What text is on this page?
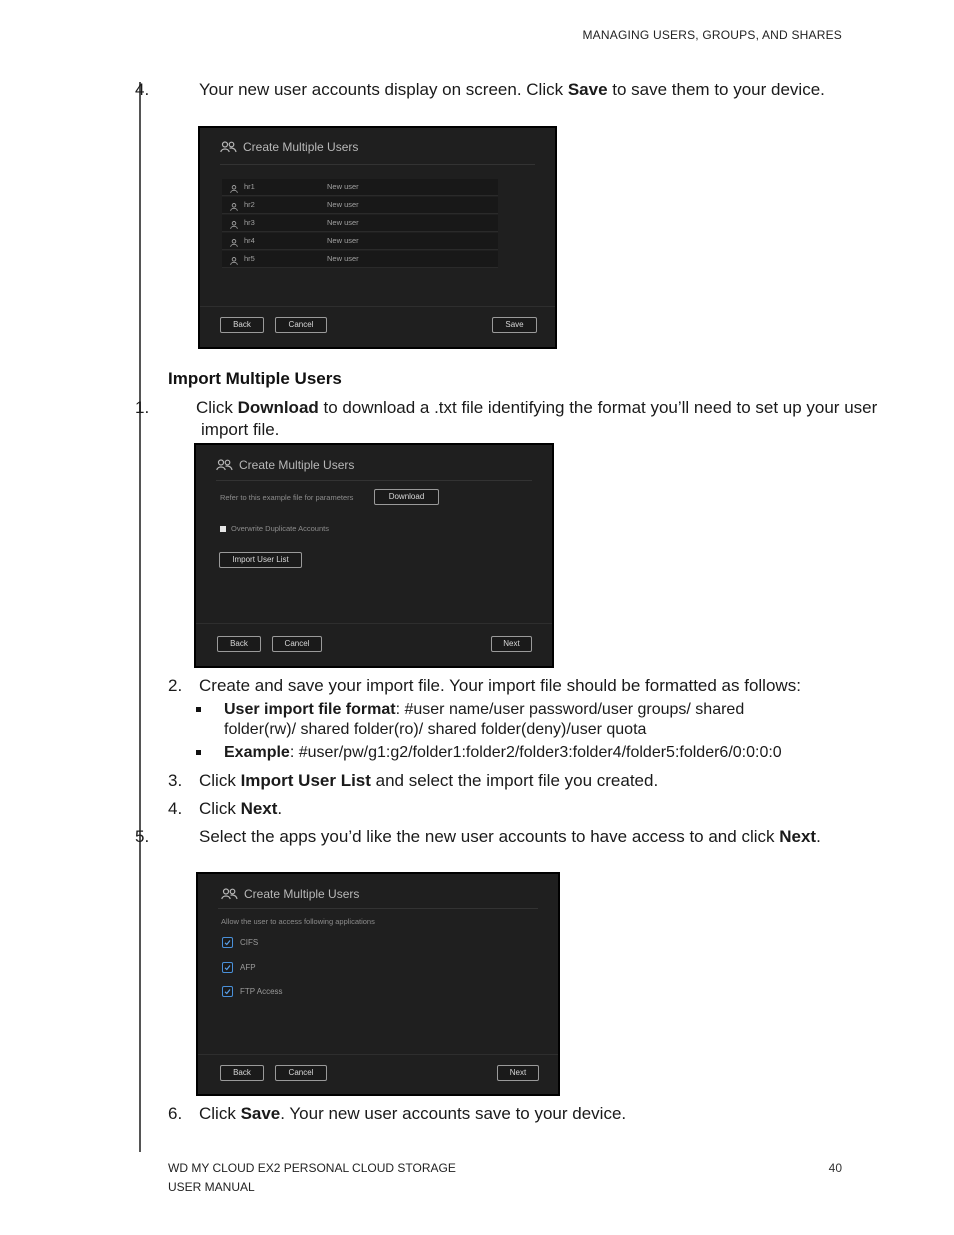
MANAGING USERS, GROUPS, AND SHARES
4.	Your new user accounts display on screen. Click Save to save them to your device.
Create Multiple Users
hr1	New user
hr2	New user
hr3	New user
hr4	New user
hr5	New user
Back	Cancel	Save
Import Multiple Users
1.	Click Download to download a .txt file identifying the format you’ll need to set up your user import file.
Create Multiple Users
Refer to this example file for parameters	Download
Overwrite Duplicate Accounts
Import User List
Back	Cancel	Next
2. Create and save your import file. Your import file should be formatted as follows:
User import file format: #user name/user password/user groups/ shared folder(rw)/ shared folder(ro)/ shared folder(deny)/user quota
Example: #user/pw/g1:g2/folder1:folder2/folder3:folder4/folder5:folder6/0:0:0:0
3. Click Import User List and select the import file you created.
4. Click Next.
5.	Select the apps you’d like the new user accounts to have access to and click Next.
Create Multiple Users
Allow the user to access following applications
CIFS
AFP
FTP Access
Back	Cancel	Next
6. Click Save. Your new user accounts save to your device.
WD MY CLOUD EX2 PERSONAL CLOUD STORAGE
USER MANUAL
40
